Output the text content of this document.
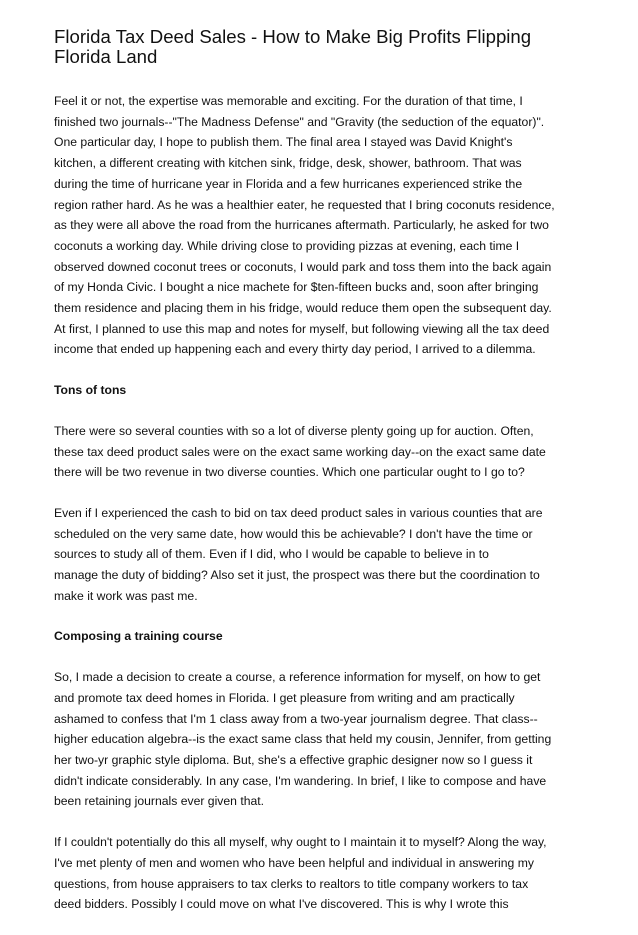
Florida Tax Deed Sales - How to Make Big Profits Flipping
Florida Land

Feel it or not, the expertise was memorable and exciting. For the duration of that time, I
finished two journals--"The Madness Defense" and "Gravity (the seduction of the equator)".
One particular day, I hope to publish them. The final area I stayed was David Knight's
kitchen, a different creating with kitchen sink, fridge, desk, shower, bathroom. That was
during the time of hurricane year in Florida and a few hurricanes experienced strike the
region rather hard. As he was a healthier eater, he requested that I bring coconuts residence,
as they were all above the road from the hurricanes aftermath. Particularly, he asked for two
coconuts a working day. While driving close to providing pizzas at evening, each time I
observed downed coconut trees or coconuts, I would park and toss them into the back again
of my Honda Civic. I bought a nice machete for $ten-fifteen bucks and, soon after bringing
them residence and placing them in his fridge, would reduce them open the subsequent day.
At first, I planned to use this map and notes for myself, but following viewing all the tax deed
income that ended up happening each and every thirty day period, I arrived to a dilemma.

Tons of tons

There were so several counties with so a lot of diverse plenty going up for auction. Often,
these tax deed product sales were on the exact same working day--on the exact same date
there will be two revenue in two diverse counties. Which one particular ought to I go to?

Even if I experienced the cash to bid on tax deed product sales in various counties that are
scheduled on the very same date, how would this be achievable? I don't have the time or
sources to study all of them. Even if I did, who I would be capable to believe in to
manage the duty of bidding? Also set it just, the prospect was there but the coordination to
make it work was past me.

Composing a training course

So, I made a decision to create a course, a reference information for myself, on how to get
and promote tax deed homes in Florida. I get pleasure from writing and am practically
ashamed to confess that I'm 1 class away from a two-year journalism degree. That class--
higher education algebra--is the exact same class that held my cousin, Jennifer, from getting
her two-yr graphic style diploma. But, she's a effective graphic designer now so I guess it
didn't indicate considerably. In any case, I'm wandering. In brief, I like to compose and have
been retaining journals ever given that.

If I couldn't potentially do this all myself, why ought to I maintain it to myself? Along the way,
I've met plenty of men and women who have been helpful and individual in answering my
questions, from house appraisers to tax clerks to realtors to title company workers to tax
deed bidders. Possibly I could move on what I've discovered. This is why I wrote this
